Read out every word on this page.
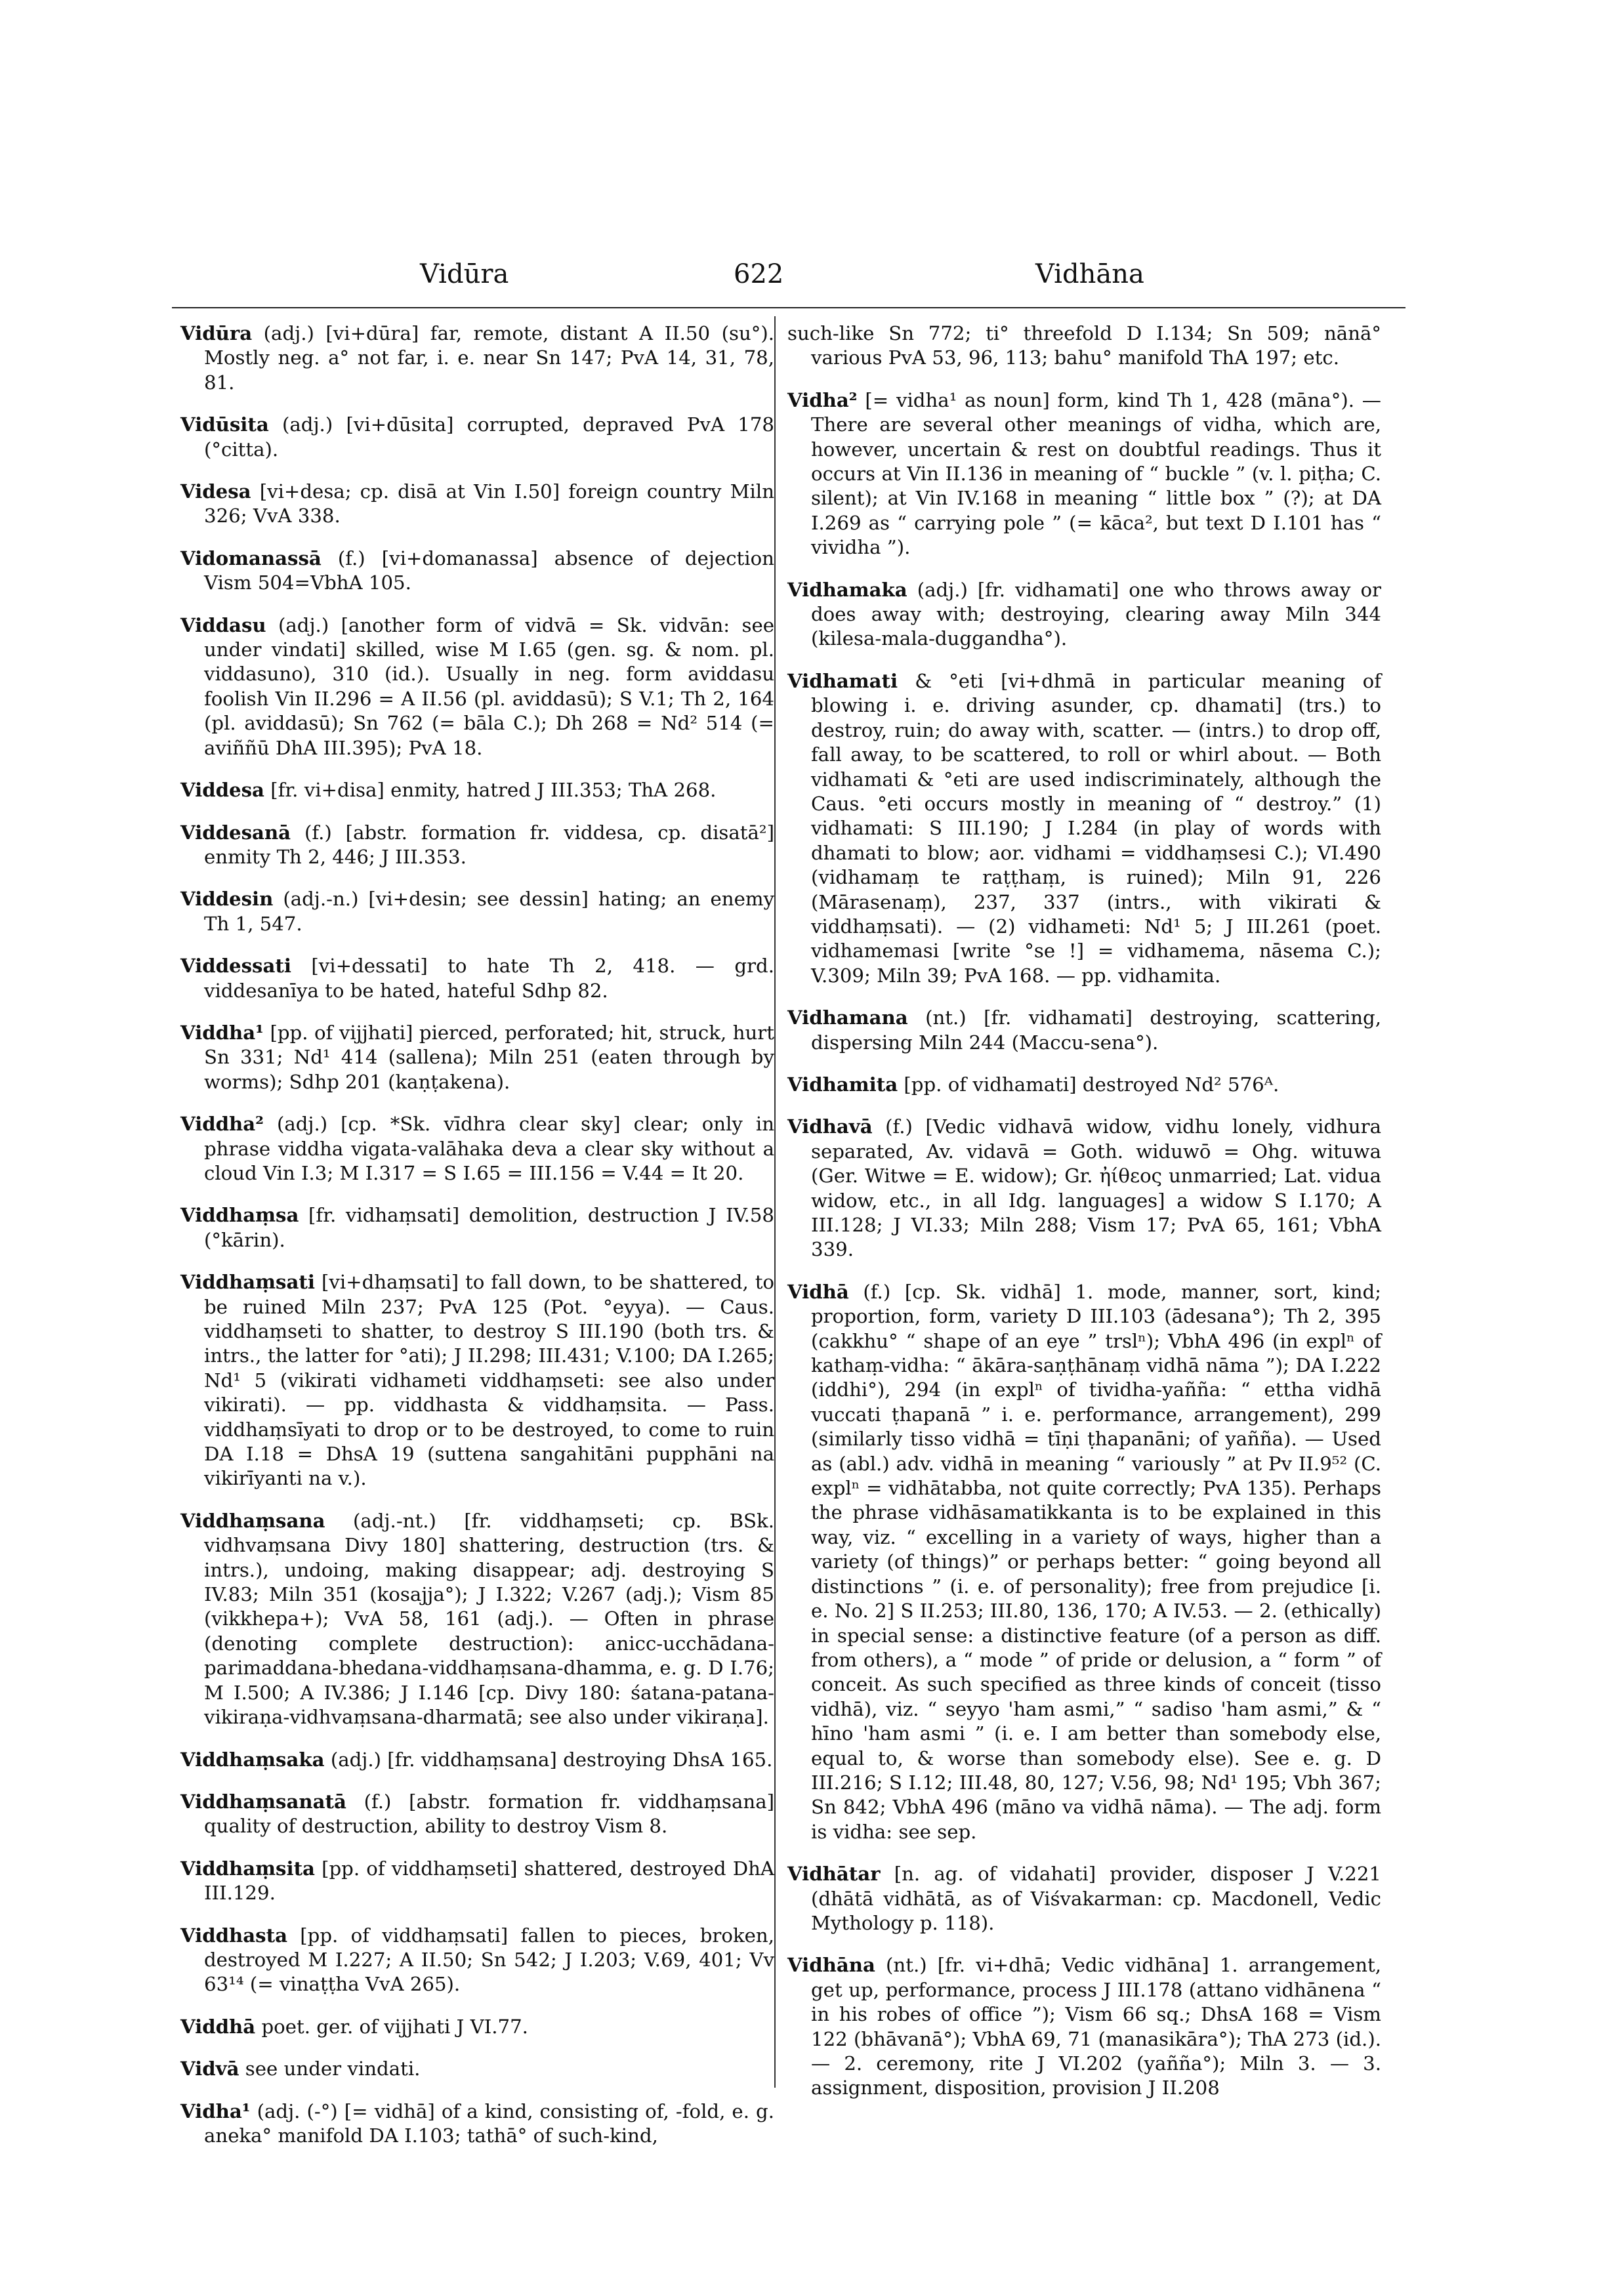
Vidūra	622	Vidhāna

Vidūra (adj.) [vi+dūra] far, remote, distant A II.50 (su°). Mostly neg. a° not far, i. e. near Sn 147; PvA 14, 31, 78, 81.

Vidūsita (adj.) [vi+dūsita] corrupted, depraved PvA 178 (°citta).

Videsa [vi+desa; cp. disā at Vin I.50] foreign country Miln 326; VvA 338.

Vidomanassā (f.) [vi+domanassa] absence of dejection Vism 504=VbhA 105.

Viddasu (adj.) [another form of vidvā = Sk. vidvān: see under vindati] skilled, wise M I.65 (gen. sg. & nom. pl. viddasuno), 310 (id.). Usually in neg. form aviddasu foolish Vin II.296 = A II.56 (pl. aviddasū); S V.1; Th 2, 164 (pl. aviddasū); Sn 762 (= bāla C.); Dh 268 = Nd² 514 (= aviññū DhA III.395); PvA 18.

Viddesa [fr. vi+disa] enmity, hatred J III.353; ThA 268.

Viddesanā (f.) [abstr. formation fr. viddesa, cp. disatā²] enmity Th 2, 446; J III.353.

Viddesin (adj.-n.) [vi+desin; see dessin] hating; an enemy Th 1, 547.

Viddessati [vi+dessati] to hate Th 2, 418. — grd. viddesanīya to be hated, hateful Sdhp 82.

Viddha¹ [pp. of vijjhati] pierced, perforated; hit, struck, hurt Sn 331; Nd¹ 414 (sallena); Miln 251 (eaten through by worms); Sdhp 201 (kaṇṭakena).

Viddha² (adj.) [cp. *Sk. vīdhra clear sky] clear; only in phrase viddha vigata-valāhaka deva a clear sky without a cloud Vin I.3; M I.317 = S I.65 = III.156 = V.44 = It 20.

Viddhaṃsa [fr. vidhaṃsati] demolition, destruction J IV.58 (°kārin).

Viddhaṃsati [vi+dhaṃsati] to fall down, to be shattered, to be ruined Miln 237; PvA 125 (Pot. °eyya). — Caus. viddhaṃseti to shatter, to destroy S III.190 (both trs. & intrs., the latter for °ati); J II.298; III.431; V.100; DA I.265; Nd¹ 5 (vikirati vidhameti viddhaṃseti: see also under vikirati). — pp. viddhasta & viddhaṃsita. — Pass. viddhaṃsīyati to drop or to be destroyed, to come to ruin DA I.18 = DhsA 19 (suttena sangahitāni pupphāni na vikirīyanti na v.).

Viddhaṃsana (adj.-nt.) [fr. viddhaṃseti; cp. BSk. vidhvaṃsana Divy 180] shattering, destruction (trs. & intrs.), undoing, making disappear; adj. destroying S IV.83; Miln 351 (kosajja°); J I.322; V.267 (adj.); Vism 85 (vikkhepa+); VvA 58, 161 (adj.). — Often in phrase (denoting complete destruction): anicc-ucchādana-parimaddana-bhedana-viddhaṃsana-dhamma, e. g. D I.76; M I.500; A IV.386; J I.146 [cp. Divy 180: śatana-patana-vikiraṇa-vidhvaṃsana-dharmatā; see also under vikiraṇa].

Viddhaṃsaka (adj.) [fr. viddhaṃsana] destroying DhsA 165.

Viddhaṃsanatā (f.) [abstr. formation fr. viddhaṃsana] quality of destruction, ability to destroy Vism 8.

Viddhaṃsita [pp. of viddhaṃseti] shattered, destroyed DhA III.129.

Viddhasta [pp. of viddhaṃsati] fallen to pieces, broken, destroyed M I.227; A II.50; Sn 542; J I.203; V.69, 401; Vv 63¹⁴ (= vinaṭṭha VvA 265).

Viddhā poet. ger. of vijjhati J VI.77.

Vidvā see under vindati.

Vidha¹ (adj. (-°) [= vidhā] of a kind, consisting of, -fold, e. g. aneka° manifold DA I.103; tathā° of such-kind,

such-like Sn 772; ti° threefold D I.134; Sn 509; nānā° various PvA 53, 96, 113; bahu° manifold ThA 197; etc.

Vidha² [= vidha¹ as noun] form, kind Th 1, 428 (māna°). — There are several other meanings of vidha, which are, however, uncertain & rest on doubtful readings. Thus it occurs at Vin II.136 in meaning of “ buckle ” (v. l. piṭha; C. silent); at Vin IV.168 in meaning “ little box ” (?); at DA I.269 as “ carrying pole ” (= kāca², but text D I.101 has “ vividha ”).

Vidhamaka (adj.) [fr. vidhamati] one who throws away or does away with; destroying, clearing away Miln 344 (kilesa-mala-duggandha°).

Vidhamati & °eti [vi+dhmā in particular meaning of blowing i. e. driving asunder, cp. dhamati] (trs.) to destroy, ruin; do away with, scatter. — (intrs.) to drop off, fall away, to be scattered, to roll or whirl about. — Both vidhamati & °eti are used indiscriminately, although the Caus. °eti occurs mostly in meaning of “ destroy.” (1) vidhamati: S III.190; J I.284 (in play of words with dhamati to blow; aor. vidhami = viddhaṃsesi C.); VI.490 (vidhamaṃ te raṭṭhaṃ, is ruined); Miln 91, 226 (Mārasenaṃ), 237, 337 (intrs., with vikirati & viddhaṃsati). — (2) vidhameti: Nd¹ 5; J III.261 (poet. vidhamemasi [write °se !] = vidhamema, nāsema C.); V.309; Miln 39; PvA 168. — pp. vidhamita.

Vidhamana (nt.) [fr. vidhamati] destroying, scattering, dispersing Miln 244 (Maccu-sena°).

Vidhamita [pp. of vidhamati] destroyed Nd² 576ᴬ.

Vidhavā (f.) [Vedic vidhavā widow, vidhu lonely, vidhura separated, Av. vidavā = Goth. widuwō = Ohg. wituwa (Ger. Witwe = E. widow); Gr. ἠίθεος unmarried; Lat. vidua widow, etc., in all Idg. languages] a widow S I.170; A III.128; J VI.33; Miln 288; Vism 17; PvA 65, 161; VbhA 339.

Vidhā (f.) [cp. Sk. vidhā] 1. mode, manner, sort, kind; proportion, form, variety D III.103 (ādesana°); Th 2, 395 (cakkhu° “ shape of an eye ” trslⁿ); VbhA 496 (in explⁿ of kathaṃ-vidha: “ ākāra-saṇṭhānaṃ vidhā nāma ”); DA I.222 (iddhi°), 294 (in explⁿ of tividha-yañña: “ ettha vidhā vuccati ṭhapanā ” i. e. performance, arrangement), 299 (similarly tisso vidhā = tīṇi ṭhapanāni; of yañña). — Used as (abl.) adv. vidhā in meaning “ variously ” at Pv II.9⁵² (C. explⁿ = vidhātabba, not quite correctly; PvA 135). Perhaps the phrase vidhāsamatikkanta is to be explained in this way, viz. “ excelling in a variety of ways, higher than a variety (of things)” or perhaps better: “ going beyond all distinctions ” (i. e. of personality); free from prejudice [i. e. No. 2] S II.253; III.80, 136, 170; A IV.53. — 2. (ethically) in special sense: a distinctive feature (of a person as diff. from others), a “ mode ” of pride or delusion, a “ form ” of conceit. As such specified as three kinds of conceit (tisso vidhā), viz. “ seyyo 'ham asmi,” “ sadiso 'ham asmi,” & “ hīno 'ham asmi ” (i. e. I am better than somebody else, equal to, & worse than somebody else). See e. g. D III.216; S I.12; III.48, 80, 127; V.56, 98; Nd¹ 195; Vbh 367; Sn 842; VbhA 496 (māno va vidhā nāma). — The adj. form is vidha: see sep.

Vidhātar [n. ag. of vidahati] provider, disposer J V.221 (dhātā vidhātā, as of Viśvakarman: cp. Macdonell, Vedic Mythology p. 118).

Vidhāna (nt.) [fr. vi+dhā; Vedic vidhāna] 1. arrangement, get up, performance, process J III.178 (attano vidhānena “ in his robes of office ”); Vism 66 sq.; DhsA 168 = Vism 122 (bhāvanā°); VbhA 69, 71 (manasikāra°); ThA 273 (id.). — 2. ceremony, rite J VI.202 (yañña°); Miln 3. — 3. assignment, disposition, provision J II.208
